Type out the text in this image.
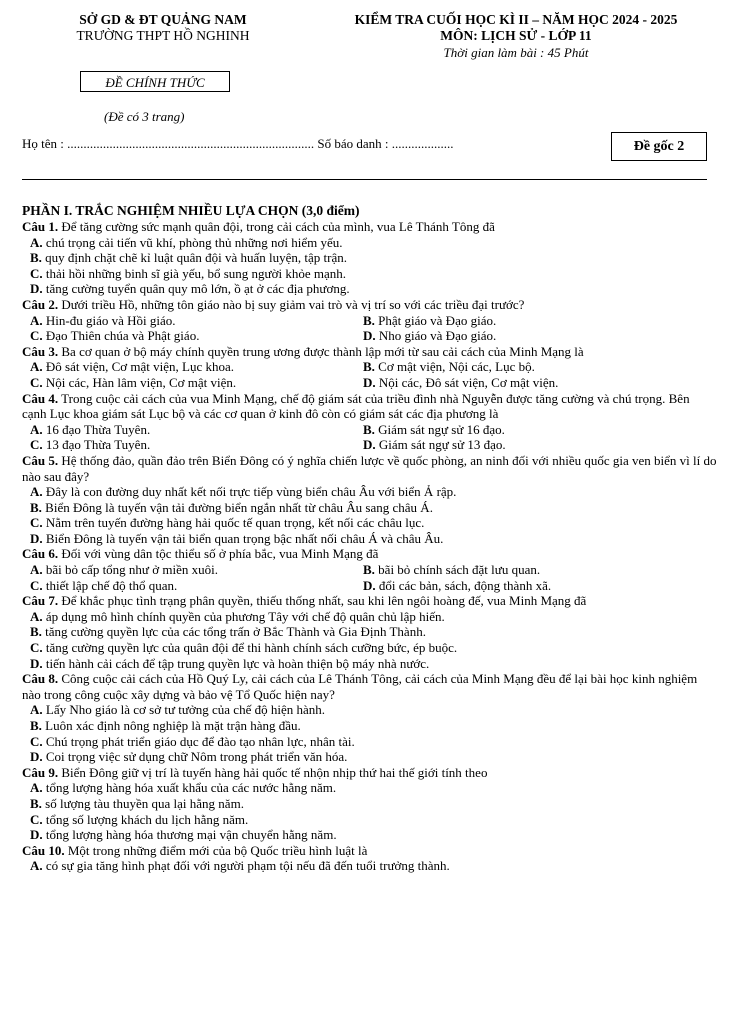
SỞ GD & ĐT QUẢNG NAM
TRƯỜNG THPT HỒ NGHINH
KIỂM TRA CUỐI HỌC KÌ II – NĂM HỌC 2024 - 2025
MÔN: LỊCH SỬ - LỚP 11
Thời gian làm bài : 45 Phút
ĐỀ CHÍNH THỨC
(Đề có 3 trang)
Họ tên : ............................................................................ Số báo danh : ...................	Đề gốc 2
PHẦN I. TRẮC NGHIỆM NHIỀU LỰA CHỌN (3,0 điểm)

Câu 1. Để tăng cường sức mạnh quân đội, trong cải cách của mình, vua Lê Thánh Tông đã

A. chú trọng cải tiến vũ khí, phòng thủ những nơi hiểm yếu.
B. quy định chặt chẽ kỉ luật quân đội và huấn luyện, tập trận.
C. thải hồi những binh sĩ già yếu, bổ sung người khỏe mạnh.
D. tăng cường tuyển quân quy mô lớn, ồ ạt ở các địa phương.

Câu 2. Dưới triều Hồ, những tôn giáo nào bị suy giảm vai trò và vị trí so với các triều đại trước?

A. Hin-đu giáo và Hồi giáo.	B. Phật giáo và Đạo giáo.
C. Đạo Thiên chúa và Phật giáo.	D. Nho giáo và Đạo giáo.

Câu 3. Ba cơ quan ở bộ máy chính quyền trung ương được thành lập mới từ sau cải cách của Minh Mạng là

A. Đô sát viện, Cơ mật viện, Lục khoa.	B. Cơ mật viện, Nội các, Lục bộ.
C. Nội các, Hàn lâm viện, Cơ mật viện.	D. Nội các, Đô sát viện, Cơ mật viện.

Câu 4. Trong cuộc cải cách của vua Minh Mạng, chế độ giám sát của triều đình nhà Nguyễn được tăng cường và chú trọng. Bên cạnh Lục khoa giám sát Lục bộ và các cơ quan ở kinh đô còn có giám sát các địa phương là

A. 16 đạo Thừa Tuyên.	B. Giám sát ngự sử 16 đạo.
C. 13 đạo Thừa Tuyên.	D. Giám sát ngự sử 13 đạo.

Câu 5. Hệ thống đảo, quần đảo trên Biển Đông có ý nghĩa chiến lược về quốc phòng, an ninh đối với nhiều quốc gia ven biển vì lí do nào sau đây?

A. Đây là con đường duy nhất kết nối trực tiếp vùng biển châu Âu với biển Ả rập.
B. Biển Đông là tuyến vận tải đường biển ngắn nhất từ châu Âu sang châu Á.
C. Nằm trên tuyến đường hàng hải quốc tế quan trọng, kết nối các châu lục.
D. Biển Đông là tuyến vận tải biển quan trọng bậc nhất nối châu Á và châu Âu.

Câu 6. Đối với vùng dân tộc thiểu số ở phía bắc, vua Minh Mạng đã

A. bãi bỏ cấp tổng như ở miền xuôi.	B. bãi bỏ chính sách đặt lưu quan.
C. thiết lập chế độ thổ quan.	D. đổi các bản, sách, động thành xã.

Câu 7. Để khắc phục tình trạng phân quyền, thiếu thống nhất, sau khi lên ngôi hoàng đế, vua Minh Mạng đã

A. áp dụng mô hình chính quyền của phương Tây với chế độ quân chủ lập hiến.
B. tăng cường quyền lực của các tổng trấn ở Bắc Thành và Gia Định Thành.
C. tăng cường quyền lực của quân đội để thi hành chính sách cưỡng bức, ép buộc.
D. tiến hành cải cách để tập trung quyền lực và hoàn thiện bộ máy nhà nước.

Câu 8. Công cuộc cải cách của Hồ Quý Ly, cải cách của Lê Thánh Tông, cải cách của Minh Mạng đều để lại bài học kinh nghiệm nào trong công cuộc xây dựng và bảo vệ Tổ Quốc hiện nay?

A. Lấy Nho giáo là cơ sở tư tưởng của chế độ hiện hành.
B. Luôn xác định nông nghiệp là mặt trận hàng đầu.
C. Chú trọng phát triển giáo dục để đào tạo nhân lực, nhân tài.
D. Coi trọng việc sử dụng chữ Nôm trong phát triển văn hóa.

Câu 9. Biển Đông giữ vị trí là tuyến hàng hải quốc tế nhộn nhịp thứ hai thế giới tính theo

A. tổng lượng hàng hóa xuất khẩu của các nước hằng năm.
B. số lượng tàu thuyền qua lại hằng năm.
C. tổng số lượng khách du lịch hằng năm.
D. tổng lượng hàng hóa thương mại vận chuyển hằng năm.

Câu 10. Một trong những điểm mới của bộ Quốc triều hình luật là

A. có sự gia tăng hình phạt đối với người phạm tội nếu đã đến tuổi trưởng thành.
